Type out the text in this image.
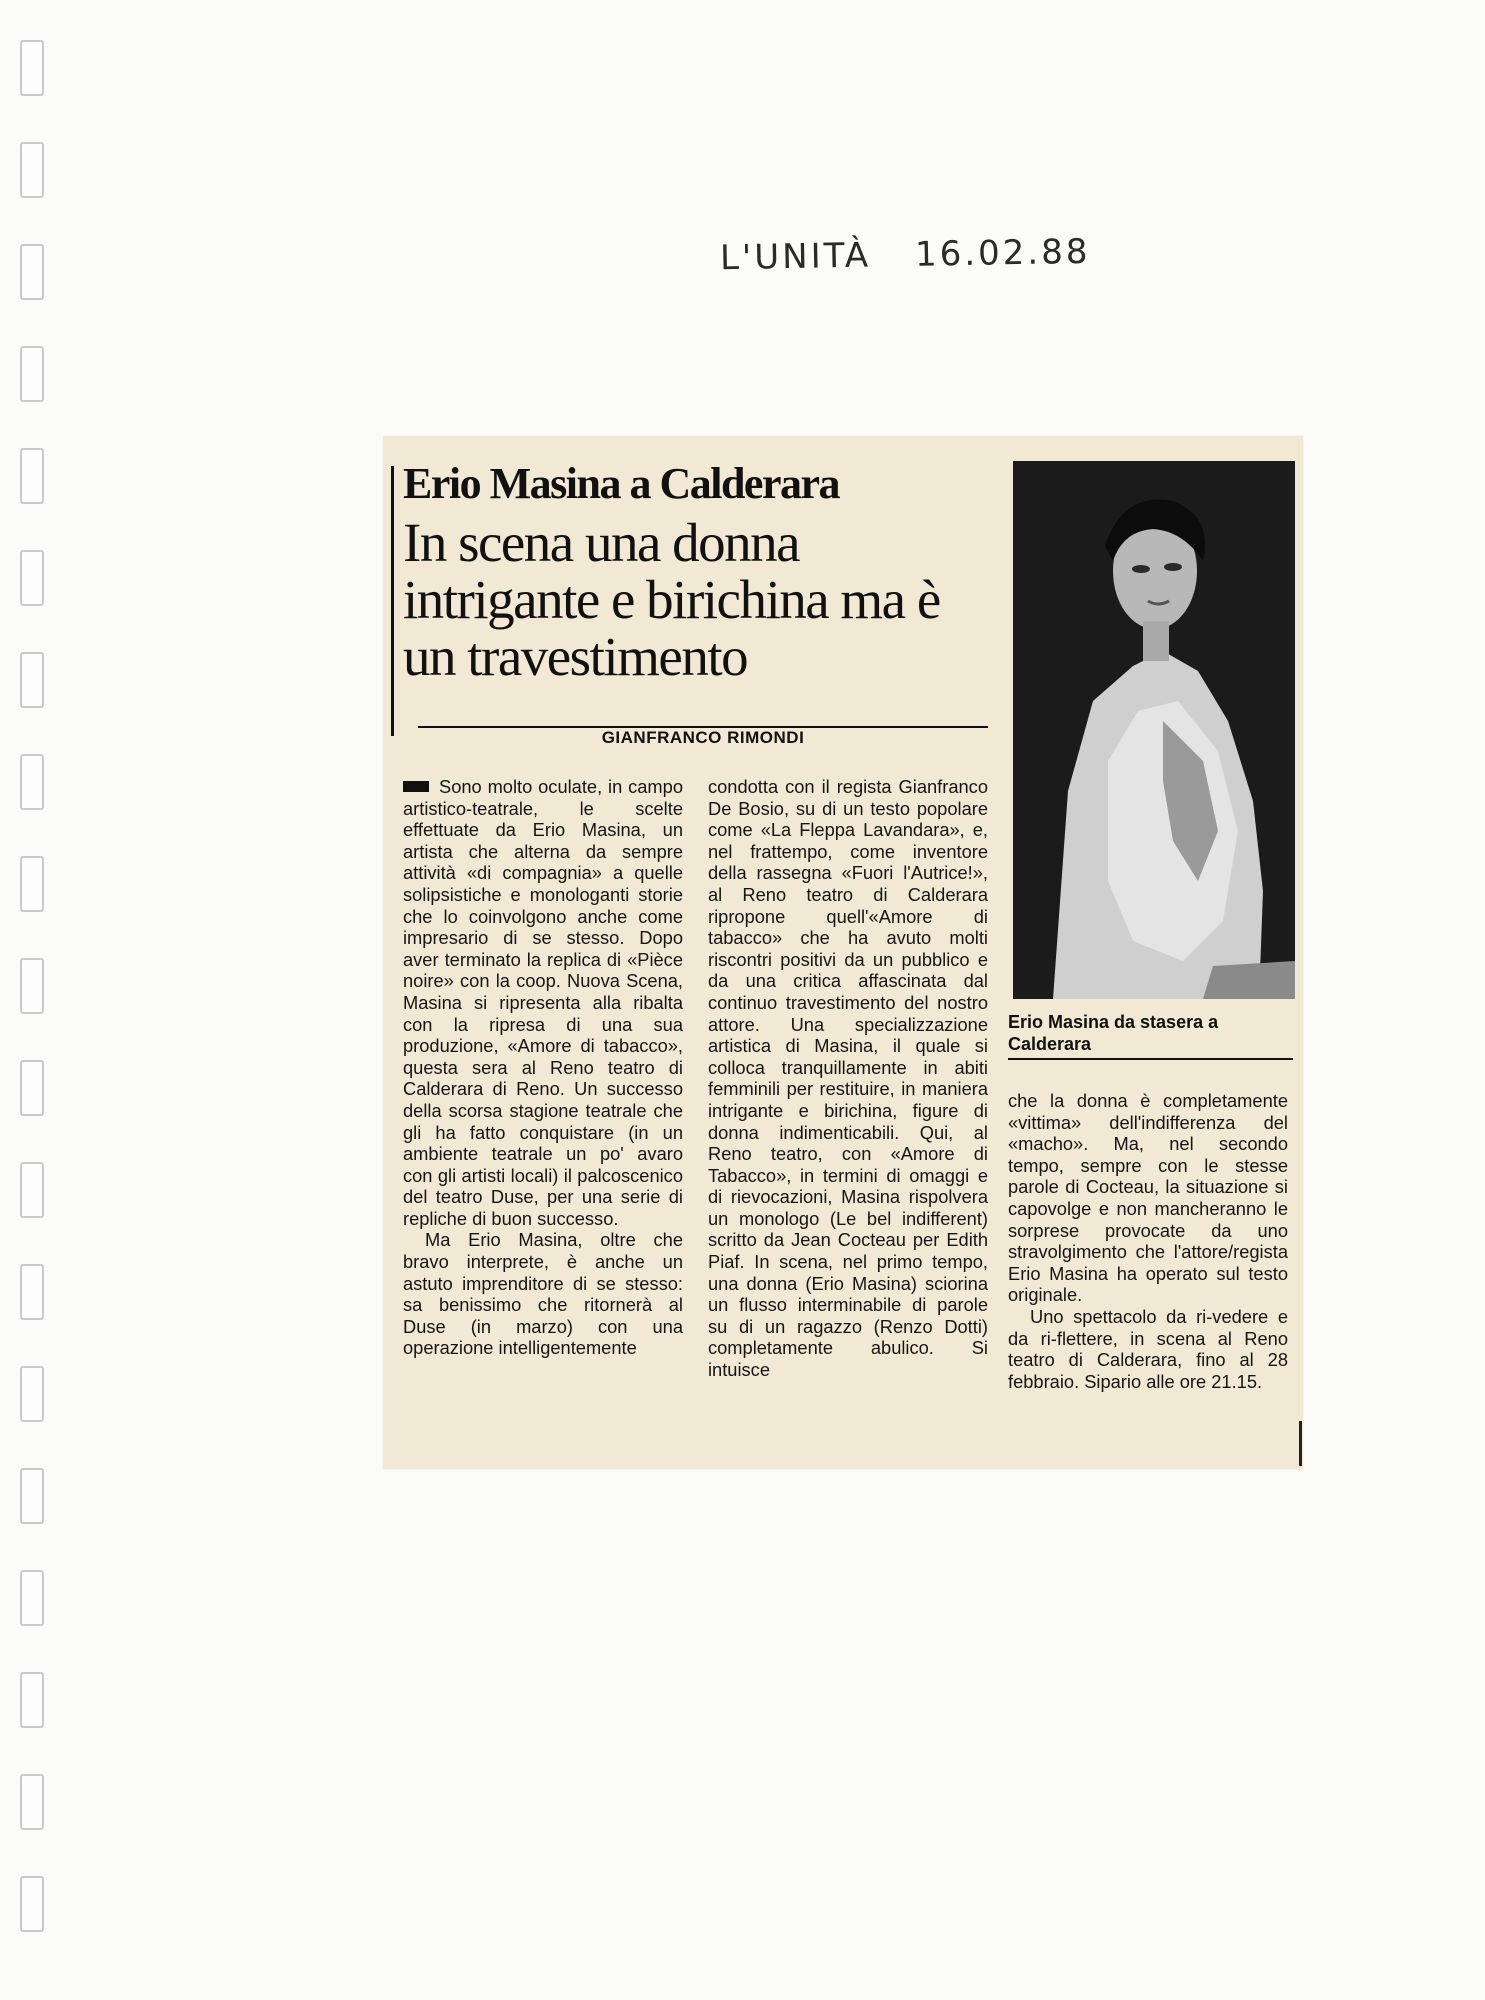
L'UNITÀ 16.02.88
Erio Masina a Calderara
In scena una donna intrigante e birichina ma è un travestimento
GIANFRANCO RIMONDI

Sono molto oculate, in campo artistico-teatrale, le scelte effettuate da Erio Masina, un artista che alterna da sempre attività «di compagnia» a quelle solipsistiche e monologanti storie che lo coinvolgono anche come impresario di se stesso. Dopo aver terminato la replica di «Pièce noire» con la coop. Nuova Scena, Masina si ripresenta alla ribalta con la ripresa di una sua produzione, «Amore di tabacco», questa sera al Reno teatro di Calderara di Reno. Un successo della scorsa stagione teatrale che gli ha fatto conquistare (in un ambiente teatrale un po' avaro con gli artisti locali) il palcoscenico del teatro Duse, per una serie di repliche di buon successo.

Ma Erio Masina, oltre che bravo interprete, è anche un astuto imprenditore di se stesso: sa benissimo che ritornerà al Duse (in marzo) con una operazione intelligentemente

condotta con il regista Gianfranco De Bosio, su di un testo popolare come «La Fleppa Lavandara», e, nel frattempo, come inventore della rassegna «Fuori l'Autrice!», al Reno teatro di Calderara ripropone quell'«Amore di tabacco» che ha avuto molti riscontri positivi da un pubblico e da una critica affascinata dal continuo travestimento del nostro attore. Una specializzazione artistica di Masina, il quale si colloca tranquillamente in abiti femminili per restituire, in maniera intrigante e birichina, figure di donna indimenticabili. Qui, al Reno teatro, con «Amore di Tabacco», in termini di omaggi e di rievocazioni, Masina rispolvera un monologo (Le bel indifferent) scritto da Jean Cocteau per Edith Piaf. In scena, nel primo tempo, una donna (Erio Masina) sciorina un flusso interminabile di parole su di un ragazzo (Renzo Dotti) completamente abulico. Si intuisce

Erio Masina da stasera a Calderara

che la donna è completamente «vittima» dell'indifferenza del «macho». Ma, nel secondo tempo, sempre con le stesse parole di Cocteau, la situazione si capovolge e non mancheranno le sorprese provocate da uno stravolgimento che l'attore/regista Erio Masina ha operato sul testo originale.

Uno spettacolo da ri-vedere e da ri-flettere, in scena al Reno teatro di Calderara, fino al 28 febbraio. Sipario alle ore 21.15.
